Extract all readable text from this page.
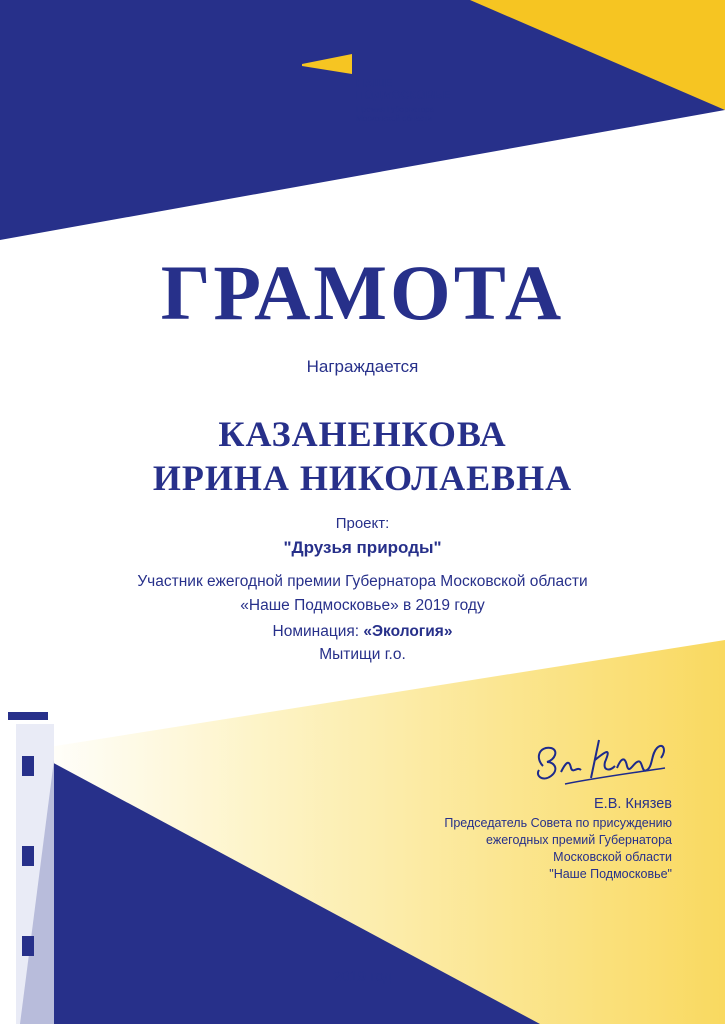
НАШЕ
ПОДМОСКОВЬЕ
Премия Губернатора
Московской области
ГРАМОТА
Награждается
КАЗАНЕНКОВА
ИРИНА НИКОЛАЕВНА
Проект:
"Друзья природы"
Участник ежегодной премии Губернатора Московской области
«Наше Подмосковье» в 2019 году
Номинация: «Экология»
Мытищи г.о.
Е.В. Князев
Председатель Совета по присуждению
ежегодных премий Губернатора
Московской области
"Наше Подмосковье"
2019 год
